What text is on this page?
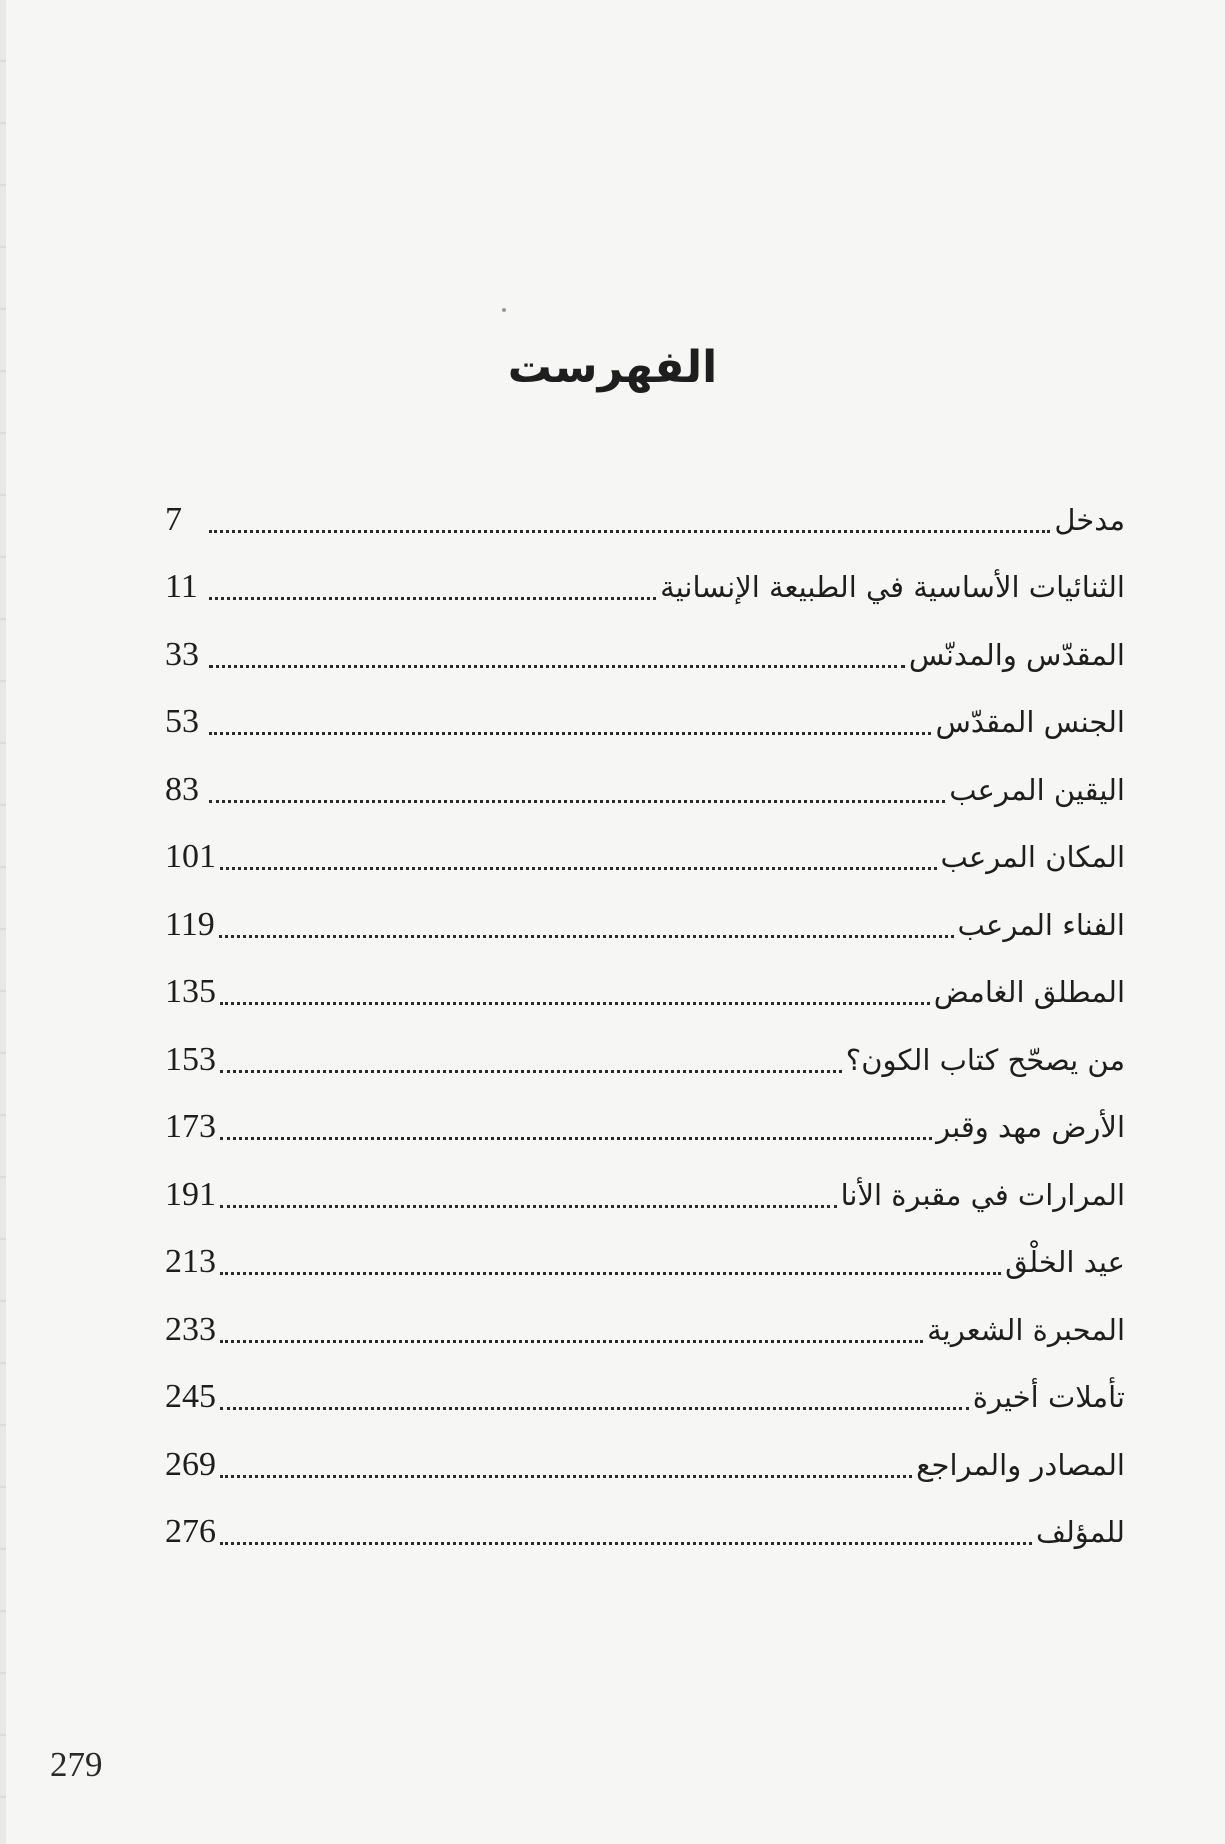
الفهرست
مدخل
7
الثنائيات الأساسية في الطبيعة الإنسانية
11
المقدّس والمدنّس
33
الجنس المقدّس
53
اليقين المرعب
83
المكان المرعب
101
الفناء المرعب
119
المطلق الغامض
135
من يصحّح كتاب الكون؟
153
الأرض مهد وقبر
173
المرارات في مقبرة الأنا
191
عيد الخلْق
213
المحبرة الشعرية
233
تأملات أخيرة
245
المصادر والمراجع
269
للمؤلف
276
279
